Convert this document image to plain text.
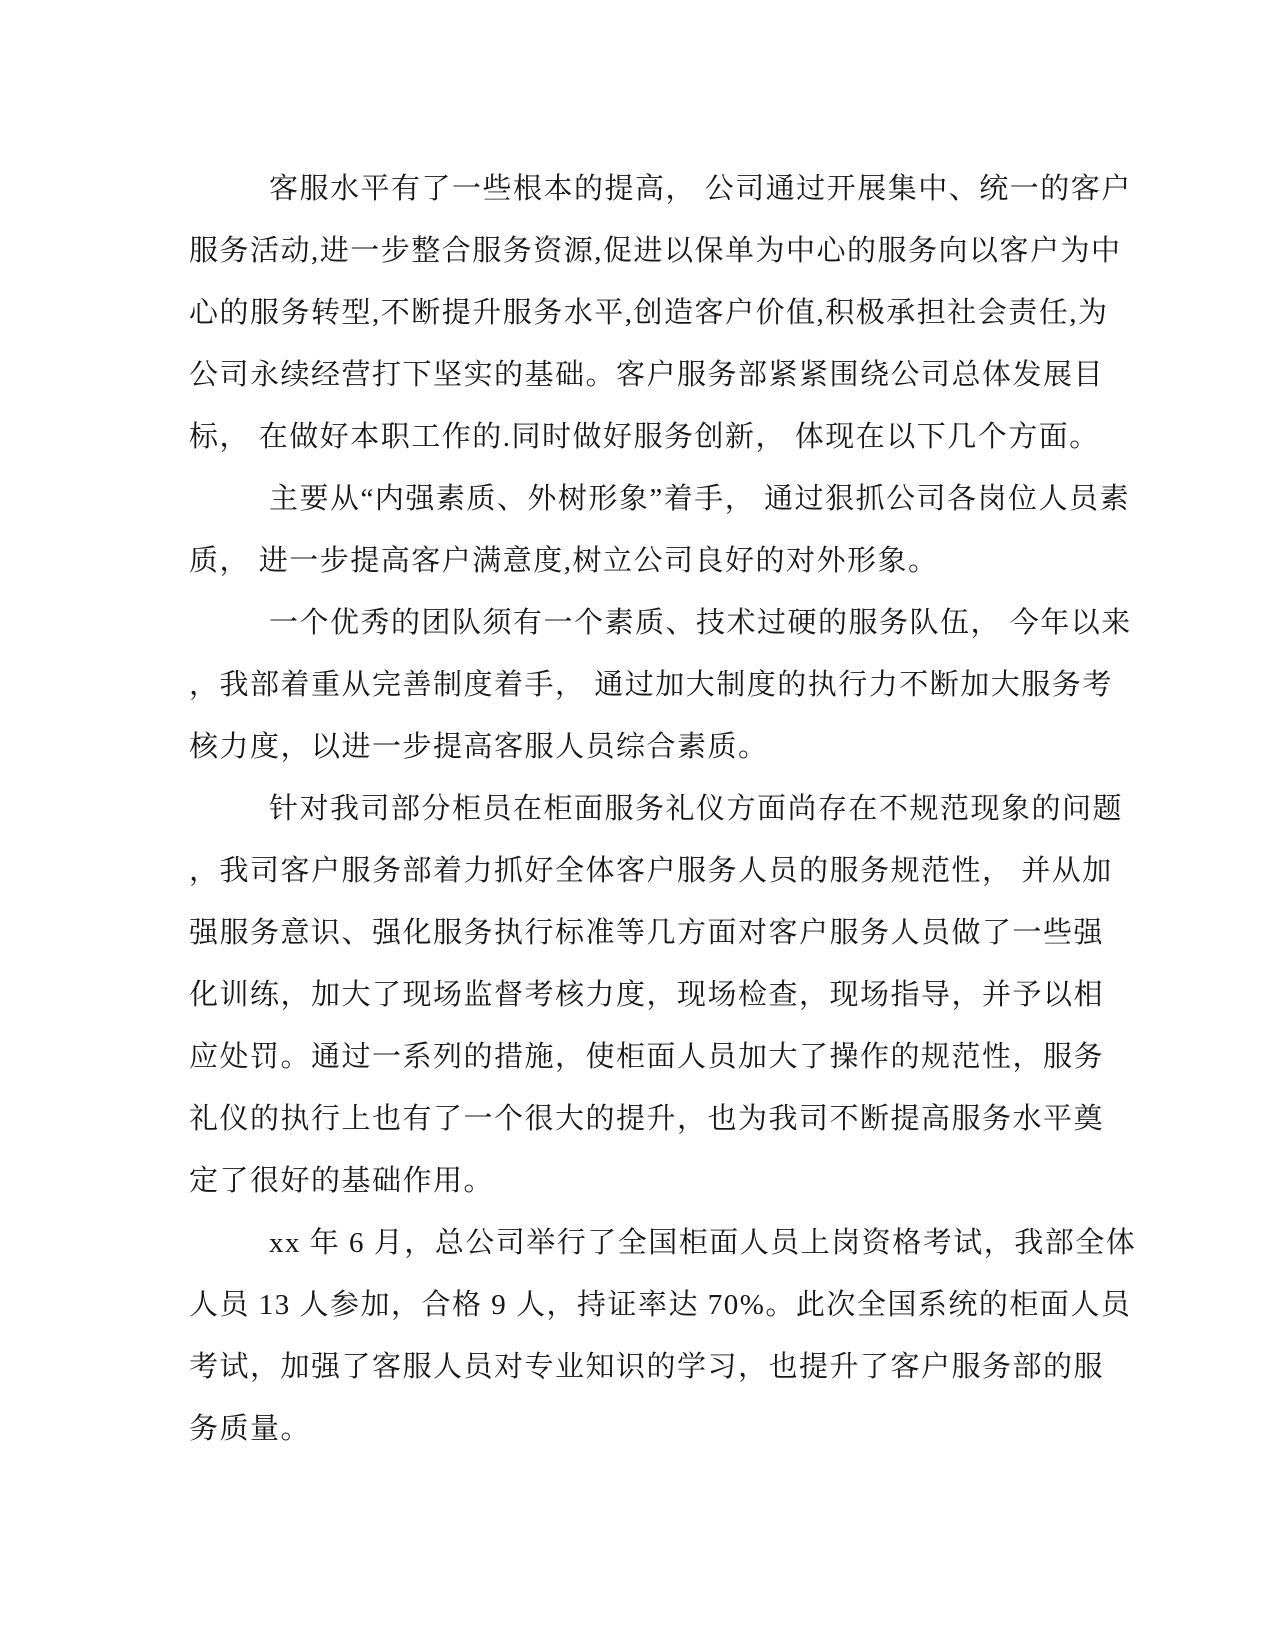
客服水平有了一些根本的提高， 公司通过开展集中、统一的客户
服务活动,进一步整合服务资源,促进以保单为中心的服务向以客户为中
心的服务转型,不断提升服务水平,创造客户价值,积极承担社会责任,为
公司永续经营打下坚实的基础。客户服务部紧紧围绕公司总体发展目
标， 在做好本职工作的.同时做好服务创新， 体现在以下几个方面。
主要从“内强素质、外树形象”着手， 通过狠抓公司各岗位人员素
质， 进一步提高客户满意度,树立公司良好的对外形象。
一个优秀的团队须有一个素质、技术过硬的服务队伍， 今年以来
，我部着重从完善制度着手， 通过加大制度的执行力不断加大服务考
核力度，以进一步提高客服人员综合素质。
针对我司部分柜员在柜面服务礼仪方面尚存在不规范现象的问题
，我司客户服务部着力抓好全体客户服务人员的服务规范性， 并从加
强服务意识、强化服务执行标准等几方面对客户服务人员做了一些强
化训练，加大了现场监督考核力度，现场检查，现场指导，并予以相
应处罚。通过一系列的措施，使柜面人员加大了操作的规范性，服务
礼仪的执行上也有了一个很大的提升，也为我司不断提高服务水平奠
定了很好的基础作用。
xx 年 6 月，总公司举行了全国柜面人员上岗资格考试，我部全体
人员 13 人参加，合格 9 人，持证率达 70%。此次全国系统的柜面人员
考试，加强了客服人员对专业知识的学习，也提升了客户服务部的服
务质量。
